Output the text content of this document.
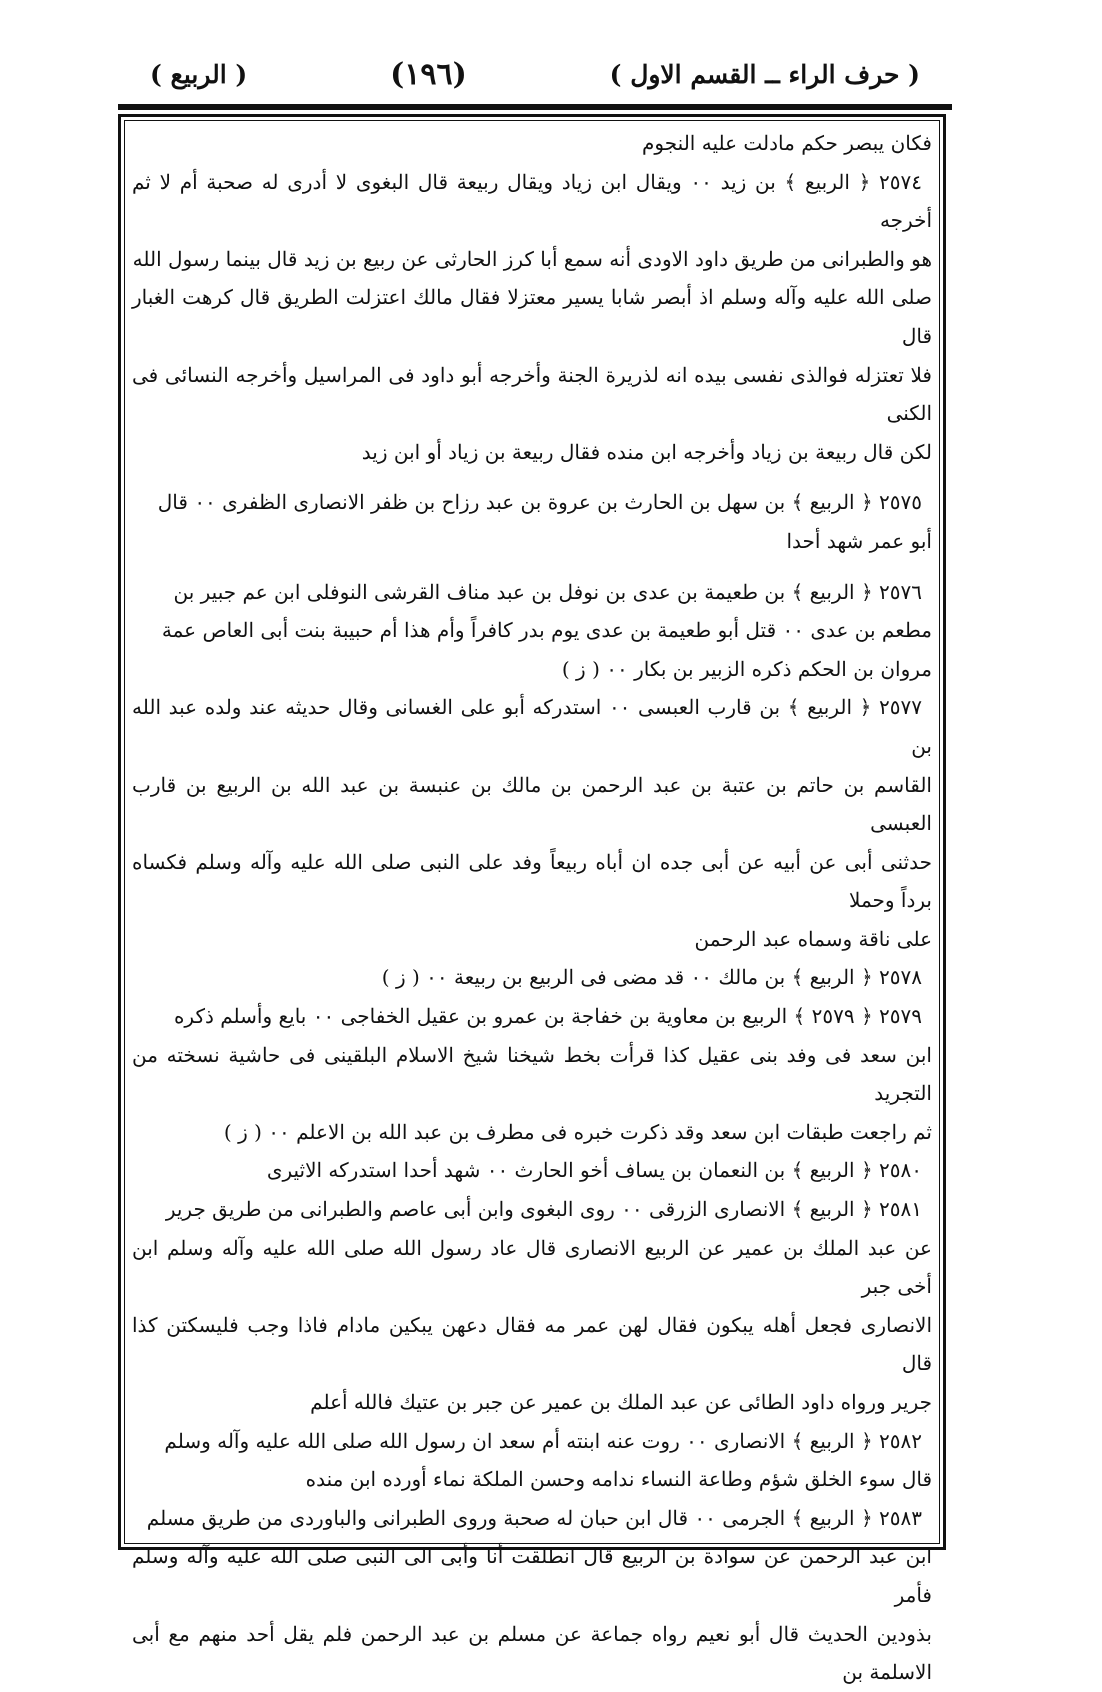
( حرف الراء ــ القسم الاول )
(١٩٦)
( الربيع )

فكان يبصر حكم مادلت عليه النجوم

٢٥٧٤ ﴿ الربيع ﴾ بن زيد ٠٠ ويقال ابن زياد ويقال ربيعة قال البغوى لا أدرى له صحبة أم لا ثم أخرجه

هو والطبرانى من طريق داود الاودى أنه سمع أبا كرز الحارثى عن ربيع بن زيد قال بينما رسول الله

صلى الله عليه وآله وسلم اذ أبصر شابا يسير معتزلا فقال مالك اعتزلت الطريق قال كرهت الغبار قال

فلا تعتزله فوالذى نفسى بيده انه لذريرة الجنة وأخرجه أبو داود فى المراسيل وأخرجه النسائى فى الكنى

لكن قال ربيعة بن زياد وأخرجه ابن منده فقال ربيعة بن زياد أو ابن زيد

٢٥٧٥ ﴿ الربيع ﴾ بن سهل بن الحارث بن عروة بن عبد رزاح بن ظفر الانصارى الظفرى ٠٠ قال

أبو عمر شهد أحدا

٢٥٧٦ ﴿ الربيع ﴾ بن طعيمة بن عدى بن نوفل بن عبد مناف القرشى النوفلى ابن عم جبير بن

مطعم بن عدى ٠٠ قتل أبو طعيمة بن عدى يوم بدر كافراً وأم هذا أم حبيبة بنت أبى العاص عمة

مروان بن الحكم ذكره الزبير بن بكار ٠٠ ( ز )

٢٥٧٧ ﴿ الربيع ﴾ بن قارب العبسى ٠٠ استدركه أبو على الغسانى وقال حديثه عند ولده عبد الله بن

القاسم بن حاتم بن عتبة بن عبد الرحمن بن مالك بن عنبسة بن عبد الله بن الربيع بن قارب العبسى

حدثنى أبى عن أبيه عن أبى جده ان أباه ربيعاً وفد على النبى صلى الله عليه وآله وسلم فكساه برداً وحملا

على ناقة وسماه عبد الرحمن

٢٥٧٨ ﴿ الربيع ﴾ بن مالك ٠٠ قد مضى فى الربيع بن ربيعة ٠٠ ( ز )

٢٥٧٩ ﴿ ٢٥٧٩ ﴾ الربيع بن معاوية بن خفاجة بن عمرو بن عقيل الخفاجى ٠٠ بايع وأسلم ذكره

ابن سعد فى وفد بنى عقيل كذا قرأت بخط شيخنا شيخ الاسلام البلقينى فى حاشية نسخته من التجريد

ثم راجعت طبقات ابن سعد وقد ذكرت خبره فى مطرف بن عبد الله بن الاعلم ٠٠ ( ز )

٢٥٨٠ ﴿ الربيع ﴾ بن النعمان بن يساف أخو الحارث ٠٠ شهد أحدا استدركه الاثيرى

٢٥٨١ ﴿ الربيع ﴾ الانصارى الزرقى ٠٠ روى البغوى وابن أبى عاصم والطبرانى من طريق جرير

عن عبد الملك بن عمير عن الربيع الانصارى قال عاد رسول الله صلى الله عليه وآله وسلم ابن أخى جبر

الانصارى فجعل أهله يبكون فقال لهن عمر مه فقال دعهن يبكين مادام فاذا وجب فليسكتن كذا قال

جرير ورواه داود الطائى عن عبد الملك بن عمير عن جبر بن عتيك فالله أعلم

٢٥٨٢ ﴿ الربيع ﴾ الانصارى ٠٠ روت عنه ابنته أم سعد ان رسول الله صلى الله عليه وآله وسلم

قال سوء الخلق شؤم وطاعة النساء ندامه وحسن الملكة نماء أورده ابن منده

٢٥٨٣ ﴿ الربيع ﴾ الجرمى ٠٠ قال ابن حبان له صحبة وروى الطبرانى والباوردى من طريق مسلم

ابن عبد الرحمن عن سوادة بن الربيع قال انطلقت أنا وأبى الى النبى صلى الله عليه وآله وسلم فأمر

بذودين الحديث قال أبو نعيم رواه جماعة عن مسلم بن عبد الرحمن فلم يقل أحد منهم مع أبى الاسلمة بن
